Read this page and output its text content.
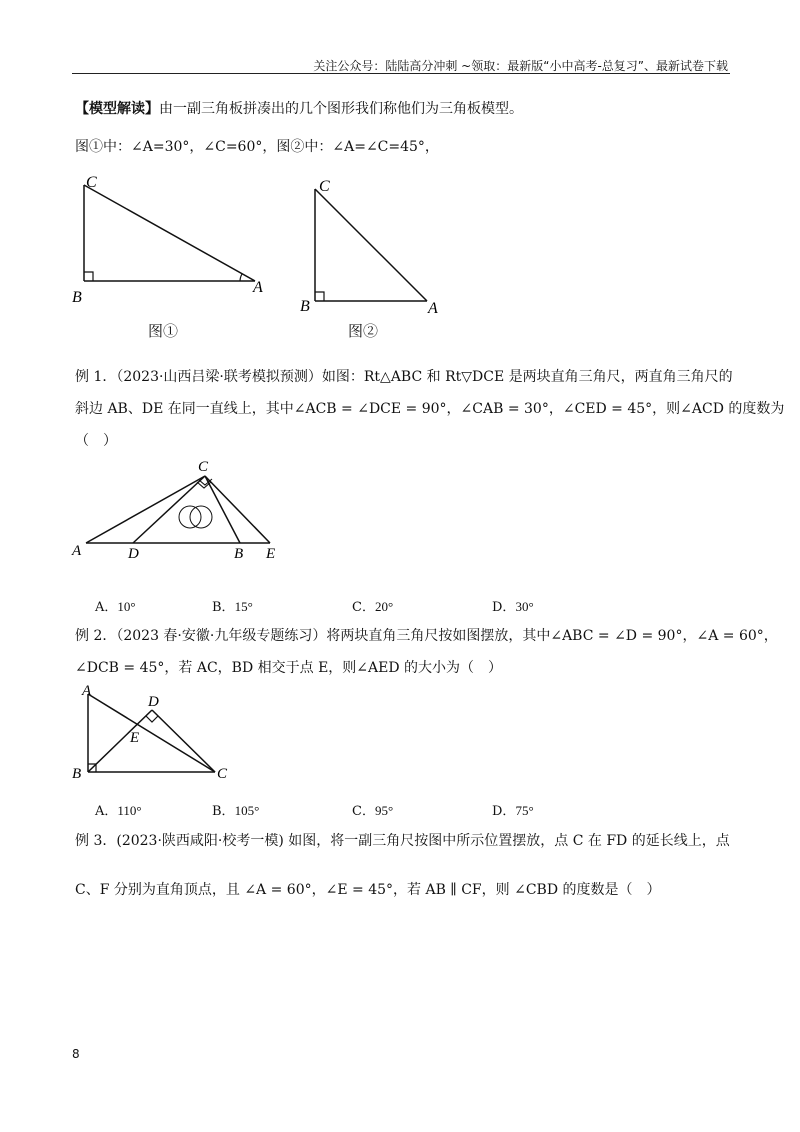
关注公众号：陆陆高分冲刺 ~领取：最新版“小中高考-总复习”、最新试卷下载
【模型解读】由一副三角板拼凑出的几个图形我们称他们为三角板模型。
图①中：∠A=30°，∠C=60°，图②中：∠A=∠C=45°，
C
B
A
图①
C
B	A
图②
例 1．（2023·山西吕梁·联考模拟预测）如图：Rt△ABC 和 Rt▽DCE 是两块直角三角尺，两直角三角尺的
斜边 AB、DE 在同一直线上，其中∠ACB = ∠DCE = 90°，∠CAB = 30°，∠CED = 45°，则∠ACD 的度数为
（　）
C
A	D	B E
A．10°	B．15°	C．20°	D．30°
例 2．（2023 春·安徽·九年级专题练习）将两块直角三角尺按如图摆放，其中∠ABC = ∠D = 90°，∠A = 60°，
∠DCB = 45°，若 AC，BD 相交于点 E，则∠AED 的大小为（　）
A
D
E
B	C
A．110°	B．105°	C．95°	D．75°
例 3．(2023·陕西咸阳·校考一模) 如图，将一副三角尺按图中所示位置摆放，点 C 在 FD 的延长线上，点
C、F 分别为直角顶点，且 ∠A = 60°，∠E = 45°，若 AB ∥ CF，则 ∠CBD 的度数是（　）
8
